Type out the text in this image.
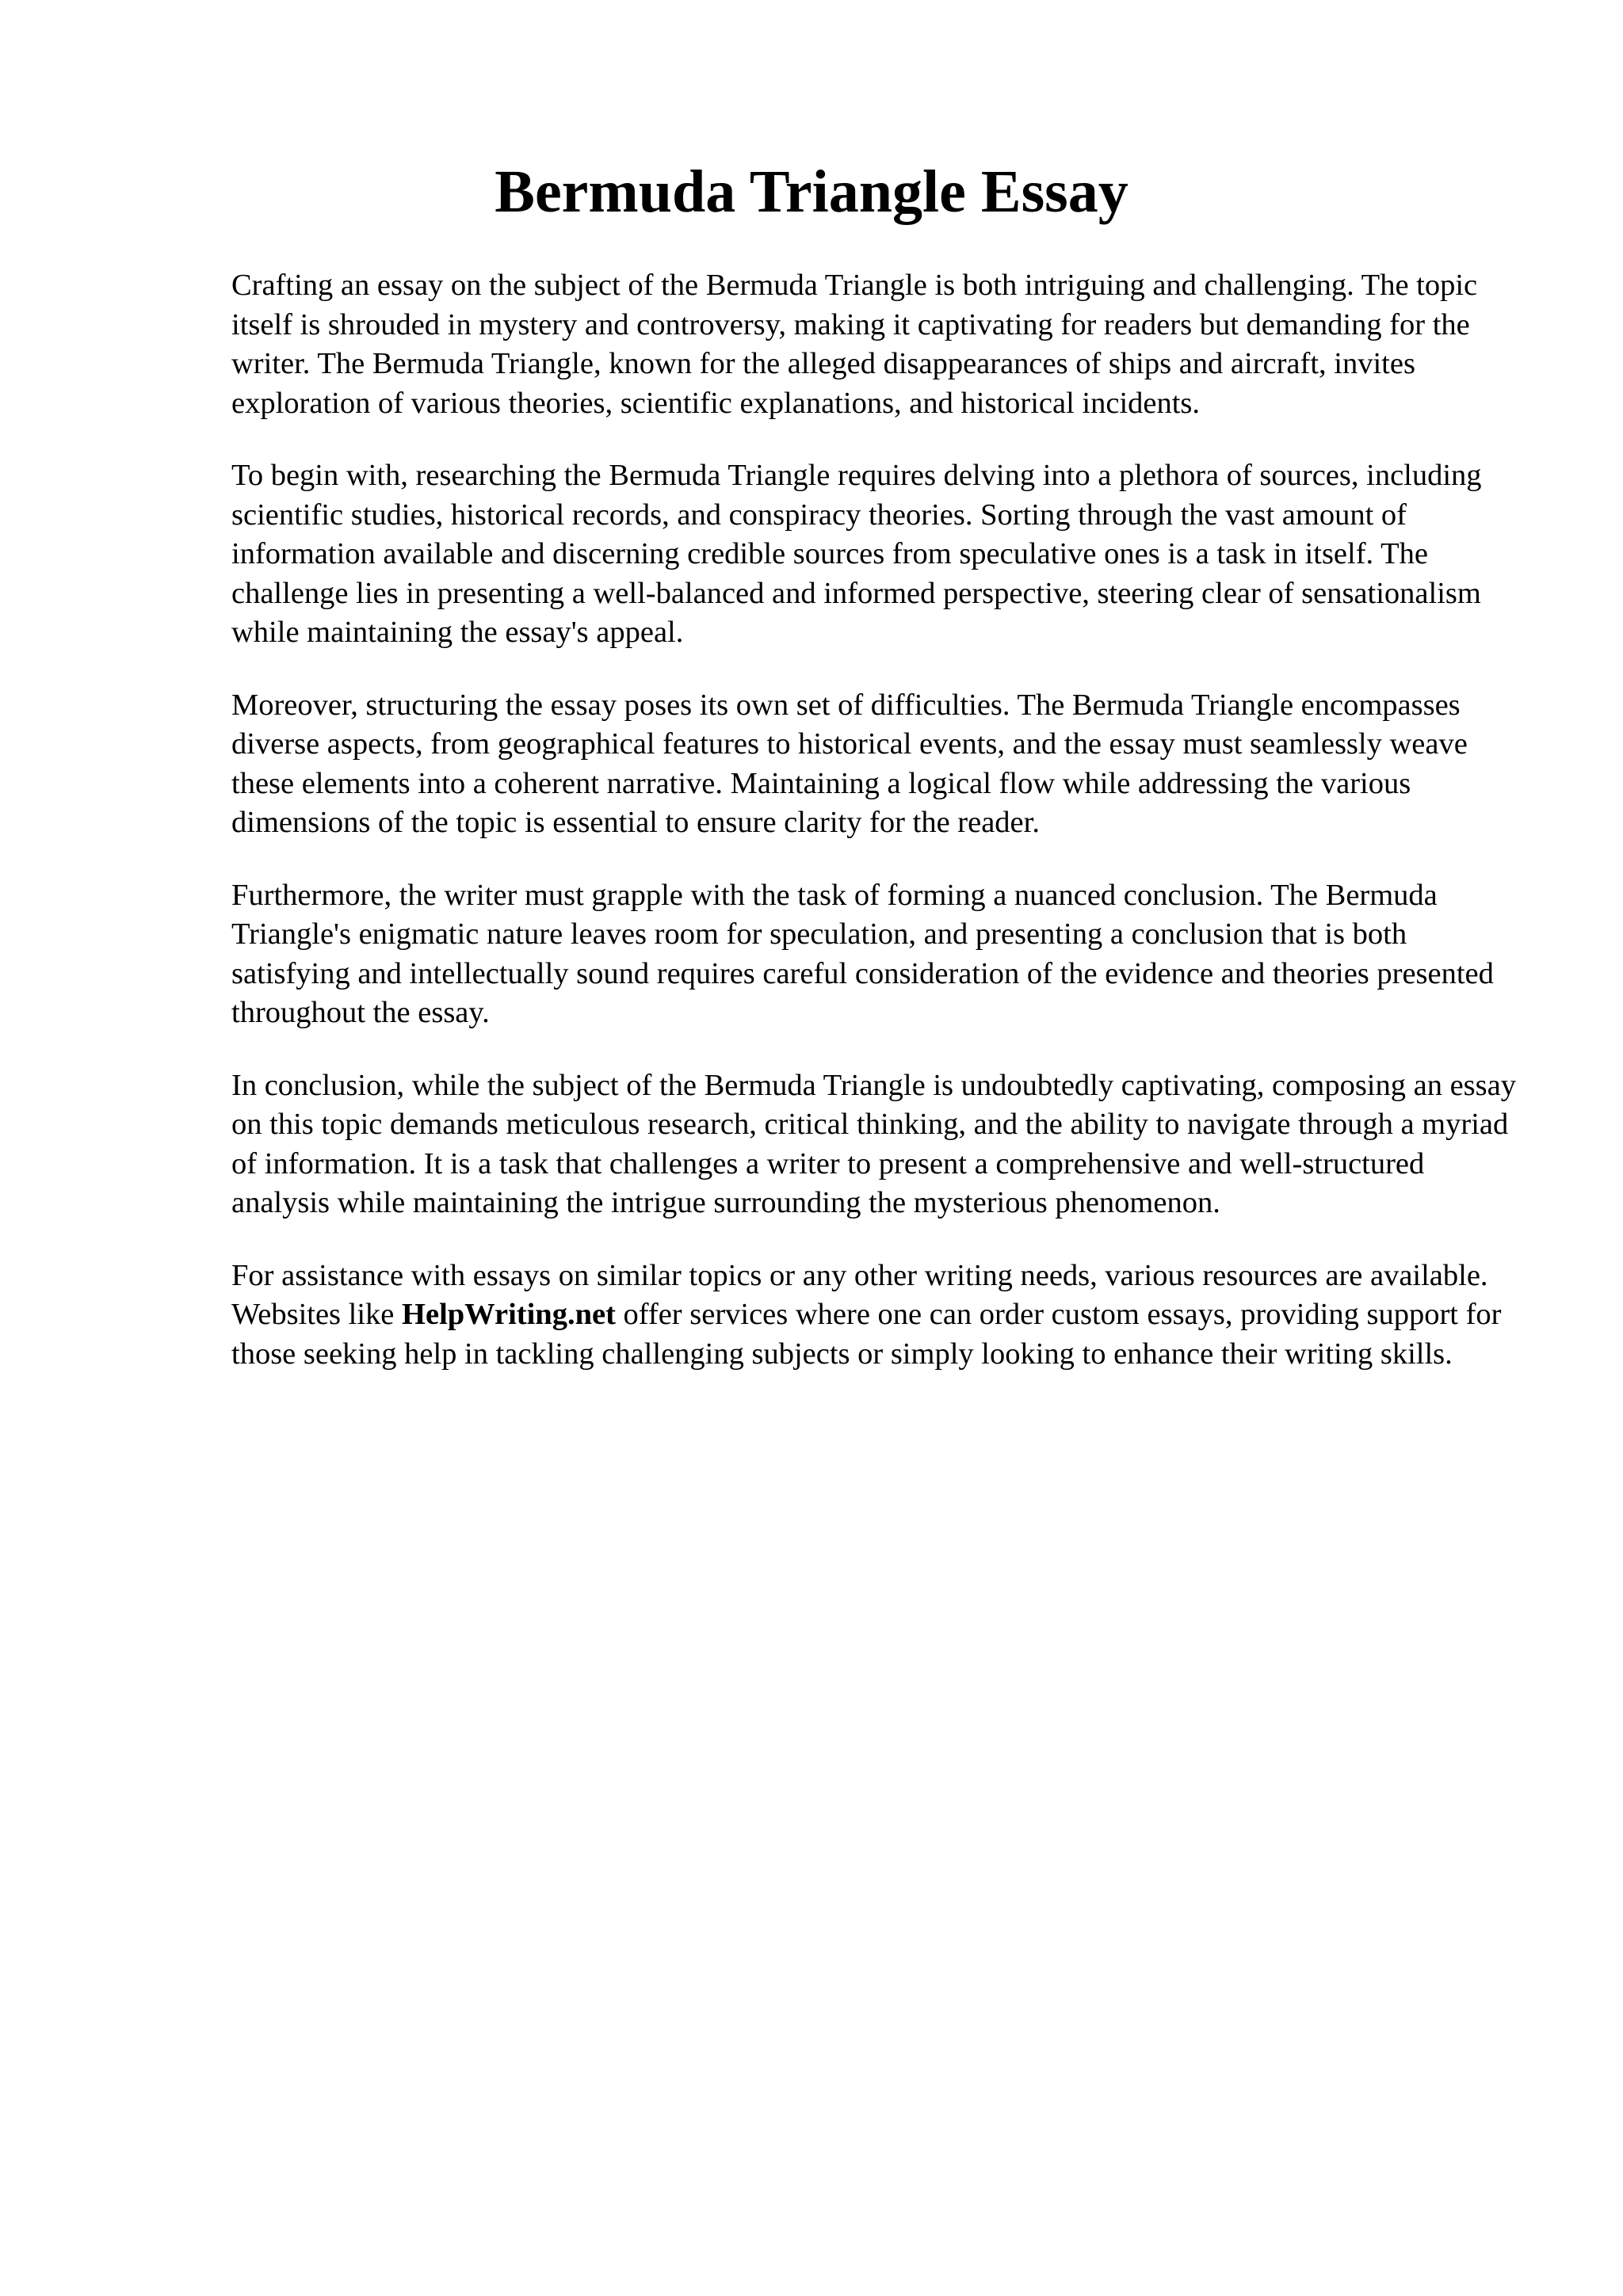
Bermuda Triangle Essay

Crafting an essay on the subject of the Bermuda Triangle is both intriguing and challenging. The topic itself is shrouded in mystery and controversy, making it captivating for readers but demanding for the writer. The Bermuda Triangle, known for the alleged disappearances of ships and aircraft, invites exploration of various theories, scientific explanations, and historical incidents.

To begin with, researching the Bermuda Triangle requires delving into a plethora of sources, including scientific studies, historical records, and conspiracy theories. Sorting through the vast amount of information available and discerning credible sources from speculative ones is a task in itself. The challenge lies in presenting a well-balanced and informed perspective, steering clear of sensationalism while maintaining the essay's appeal.

Moreover, structuring the essay poses its own set of difficulties. The Bermuda Triangle encompasses diverse aspects, from geographical features to historical events, and the essay must seamlessly weave these elements into a coherent narrative. Maintaining a logical flow while addressing the various dimensions of the topic is essential to ensure clarity for the reader.

Furthermore, the writer must grapple with the task of forming a nuanced conclusion. The Bermuda Triangle's enigmatic nature leaves room for speculation, and presenting a conclusion that is both satisfying and intellectually sound requires careful consideration of the evidence and theories presented throughout the essay.

In conclusion, while the subject of the Bermuda Triangle is undoubtedly captivating, composing an essay on this topic demands meticulous research, critical thinking, and the ability to navigate through a myriad of information. It is a task that challenges a writer to present a comprehensive and well-structured analysis while maintaining the intrigue surrounding the mysterious phenomenon.

For assistance with essays on similar topics or any other writing needs, various resources are available. Websites like HelpWriting.net offer services where one can order custom essays, providing support for those seeking help in tackling challenging subjects or simply looking to enhance their writing skills.
